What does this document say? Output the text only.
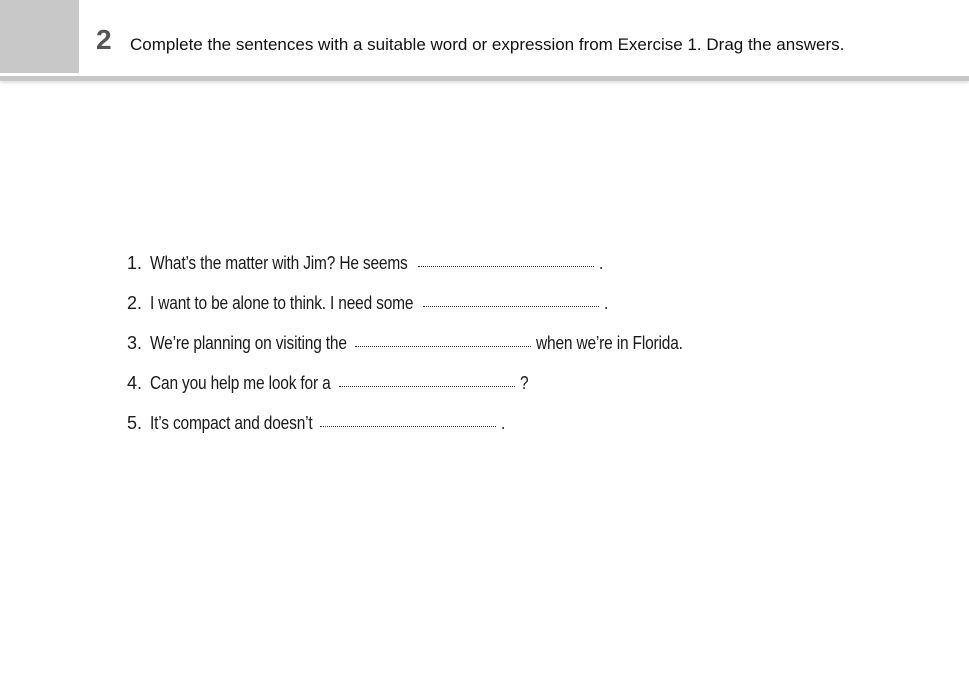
2 Complete the sentences with a suitable word or expression from Exercise 1. Drag the answers.
1. What’s the matter with Jim? He seems	.
2. I want to be alone to think. I need some	.
3. We’re planning on visiting the	when we’re in Florida.
4. Can you help me look for a	?
5. It’s compact and doesn’t	.
